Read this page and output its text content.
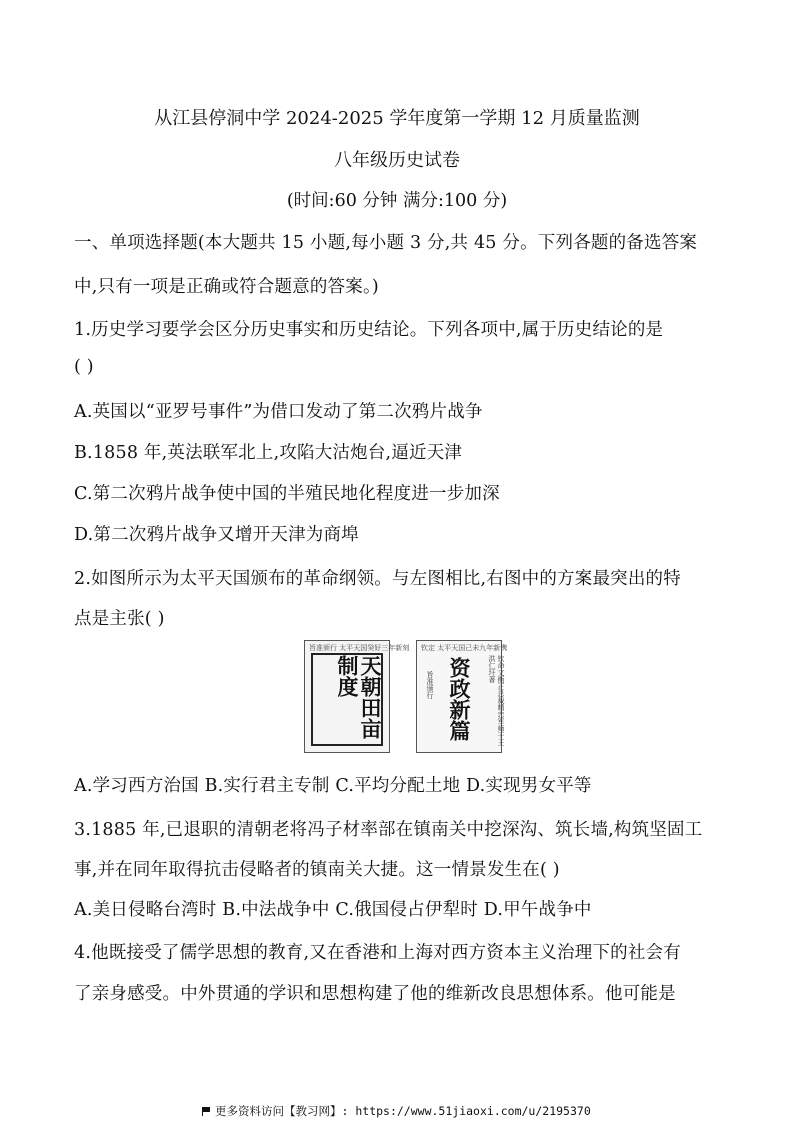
从江县停洞中学 2024-2025 学年度第一学期 12 月质量监测
八年级历史试卷
(时间:60 分钟 满分:100 分)
一、单项选择题(本大题共 15 小题,每小题 3 分,共 45 分。下列各题的备选答案
中,只有一项是正确或符合题意的答案。)
1.历史学习要学会区分历史事实和历史结论。下列各项中,属于历史结论的是
( )
A.英国以“亚罗号事件”为借口发动了第二次鸦片战争
B.1858 年,英法联军北上,攻陷大沽炮台,逼近天津
C.第二次鸦片战争使中国的半殖民地化程度进一步加深
D.第二次鸦片战争又增开天津为商埠
2.如图所示为太平天国颁布的革命纲领。与左图相比,右图中的方案最突出的特
点是主张( )
旨准颁行 太平天国癸好三年新刻
天朝田亩制度
钦定 太平天国己未九年新镌
旨准颁行 资政新篇	钦命文衡正总裁精忠军师干王洪仁玕著
A.学习西方治国 B.实行君主专制 C.平均分配土地 D.实现男女平等
3.1885 年,已退职的清朝老将冯子材率部在镇南关中挖深沟、筑长墙,构筑坚固工
事,并在同年取得抗击侵略者的镇南关大捷。这一情景发生在( )
A.美日侵略台湾时 B.中法战争中 C.俄国侵占伊犁时 D.甲午战争中
4.他既接受了儒学思想的教育,又在香港和上海对西方资本主义治理下的社会有
了亲身感受。中外贯通的学识和思想构建了他的维新改良思想体系。他可能是
更多资料访问【教习网】: https://www.51jiaoxi.com/u/2195370
